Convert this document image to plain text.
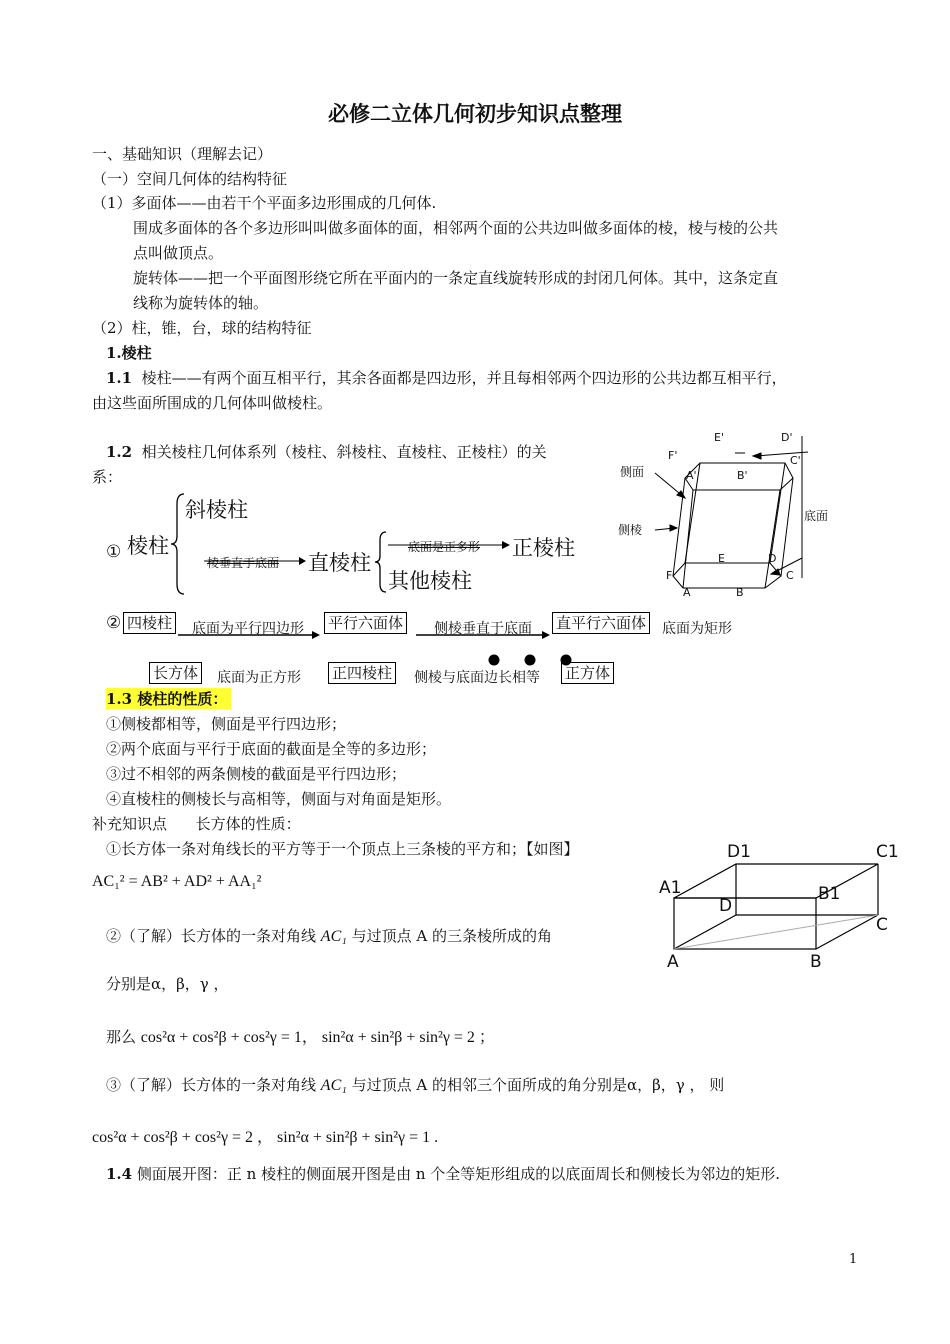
必修二立体几何初步知识点整理
一、基础知识（理解去记）
（一）空间几何体的结构特征
（1）多面体——由若干个平面多边形围成的几何体.
围成多面体的各个多边形叫叫做多面体的面，相邻两个面的公共边叫做多面体的棱，棱与棱的公共
点叫做顶点。
旋转体——把一个平面图形绕它所在平面内的一条定直线旋转形成的封闭几何体。其中，这条定直
线称为旋转体的轴。
（2）柱，锥，台，球的结构特征
1.棱柱
1.1 棱柱——有两个面互相平行，其余各面都是四边形，并且每相邻两个四边形的公共边都互相平行，
由这些面所围成的几何体叫做棱柱。
1.2 相关棱柱几何体系列（棱柱、斜棱柱、直棱柱、正棱柱）的关
系：
① 棱柱
斜棱柱
棱垂直于底面 直棱柱
底面是正多形 正棱柱
其他棱柱
E'	D'
F'	C'
A'	B'
E	D
F	C
A	B
侧面
侧棱
底面
② 四棱柱 底面为平行四边形 平行六面体 侧棱垂直于底面 直平行六面体 底面为矩形
长方体 底面为正方形 正四棱柱 侧棱与底面边长相等 正方体
1.3 棱柱的性质：
①侧棱都相等，侧面是平行四边形；
②两个底面与平行于底面的截面是全等的多边形；
③过不相邻的两条侧棱的截面是平行四边形；
④直棱柱的侧棱长与高相等，侧面与对角面是矩形。
补充知识点 长方体的性质：
①长方体一条对角线长的平方等于一个顶点上三条棱的平方和；【如图】
AC₁² = AB² + AD² + AA₁²
②（了解）长方体的一条对角线 AC₁ 与过顶点 A 的三条棱所成的角
分别是α，β，γ ，
那么 cos²α + cos²β + cos²γ = 1， sin²α + sin²β + sin²γ = 2 ；
③（了解）长方体的一条对角线 AC₁ 与过顶点 A 的相邻三个面所成的角分别是α，β，γ ， 则
cos²α + cos²β + cos²γ = 2 ， sin²α + sin²β + sin²γ = 1 .
1.4 侧面展开图：正 n 棱柱的侧面展开图是由 n 个全等矩形组成的以底面周长和侧棱长为邻边的矩形.
D1	C1
A1	B1
D
C
A	B
1
